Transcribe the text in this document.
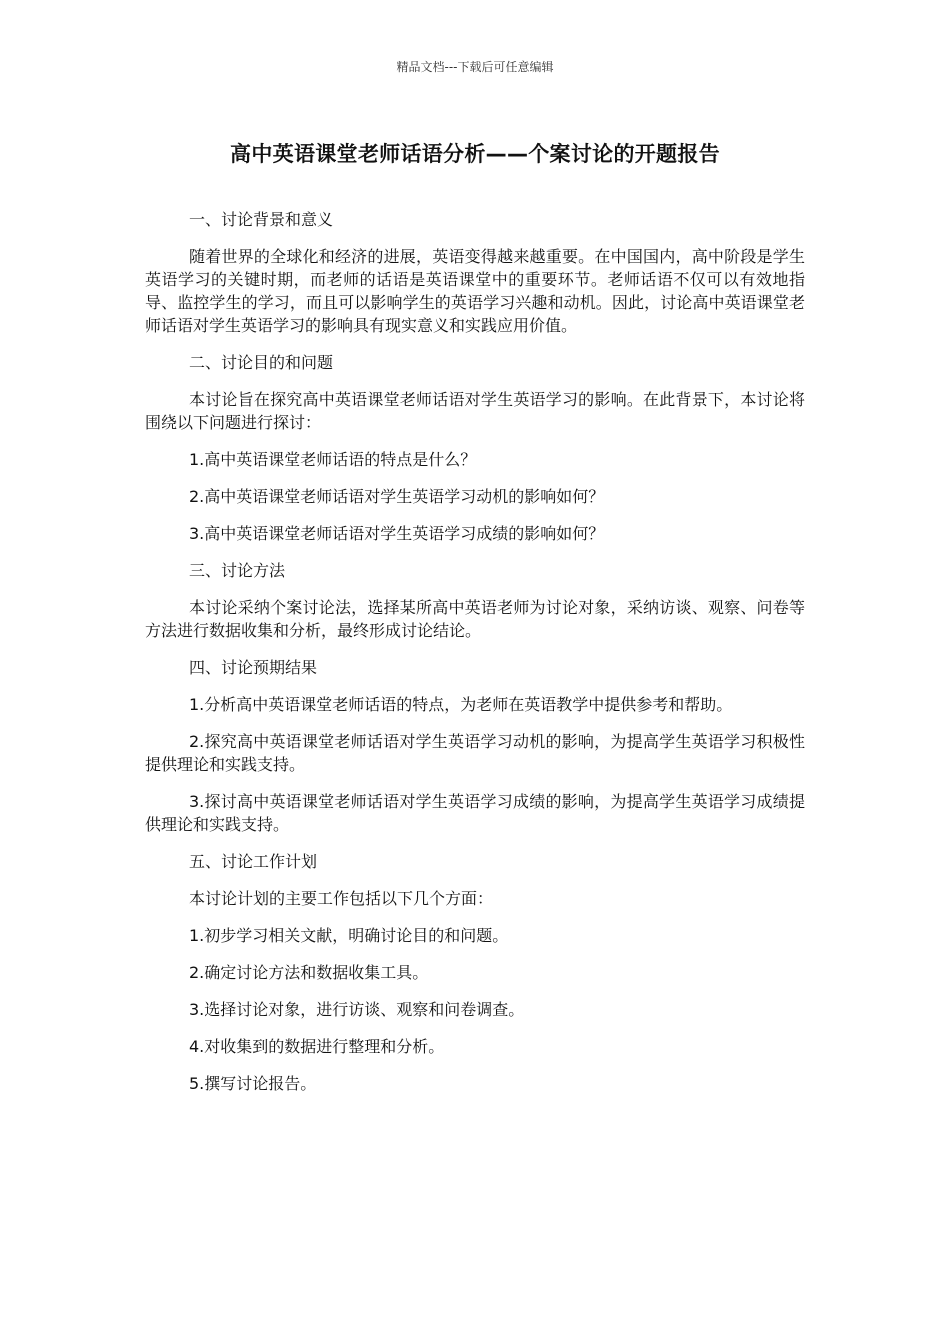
精品文档---下载后可任意编辑
高中英语课堂老师话语分析——个案讨论的开题报告

一、讨论背景和意义

随着世界的全球化和经济的进展，英语变得越来越重要。在中国国内，高中阶段是学生英语学习的关键时期，而老师的话语是英语课堂中的重要环节。老师话语不仅可以有效地指导、监控学生的学习，而且可以影响学生的英语学习兴趣和动机。因此，讨论高中英语课堂老师话语对学生英语学习的影响具有现实意义和实践应用价值。

二、讨论目的和问题

本讨论旨在探究高中英语课堂老师话语对学生英语学习的影响。在此背景下，本讨论将围绕以下问题进行探讨：

1.高中英语课堂老师话语的特点是什么？

2.高中英语课堂老师话语对学生英语学习动机的影响如何？

3.高中英语课堂老师话语对学生英语学习成绩的影响如何？

三、讨论方法

本讨论采纳个案讨论法，选择某所高中英语老师为讨论对象，采纳访谈、观察、问卷等方法进行数据收集和分析，最终形成讨论结论。

四、讨论预期结果

1.分析高中英语课堂老师话语的特点，为老师在英语教学中提供参考和帮助。

2.探究高中英语课堂老师话语对学生英语学习动机的影响，为提高学生英语学习积极性提供理论和实践支持。

3.探讨高中英语课堂老师话语对学生英语学习成绩的影响，为提高学生英语学习成绩提供理论和实践支持。

五、讨论工作计划

本讨论计划的主要工作包括以下几个方面：

1.初步学习相关文献，明确讨论目的和问题。

2.确定讨论方法和数据收集工具。

3.选择讨论对象，进行访谈、观察和问卷调查。

4.对收集到的数据进行整理和分析。

5.撰写讨论报告。
